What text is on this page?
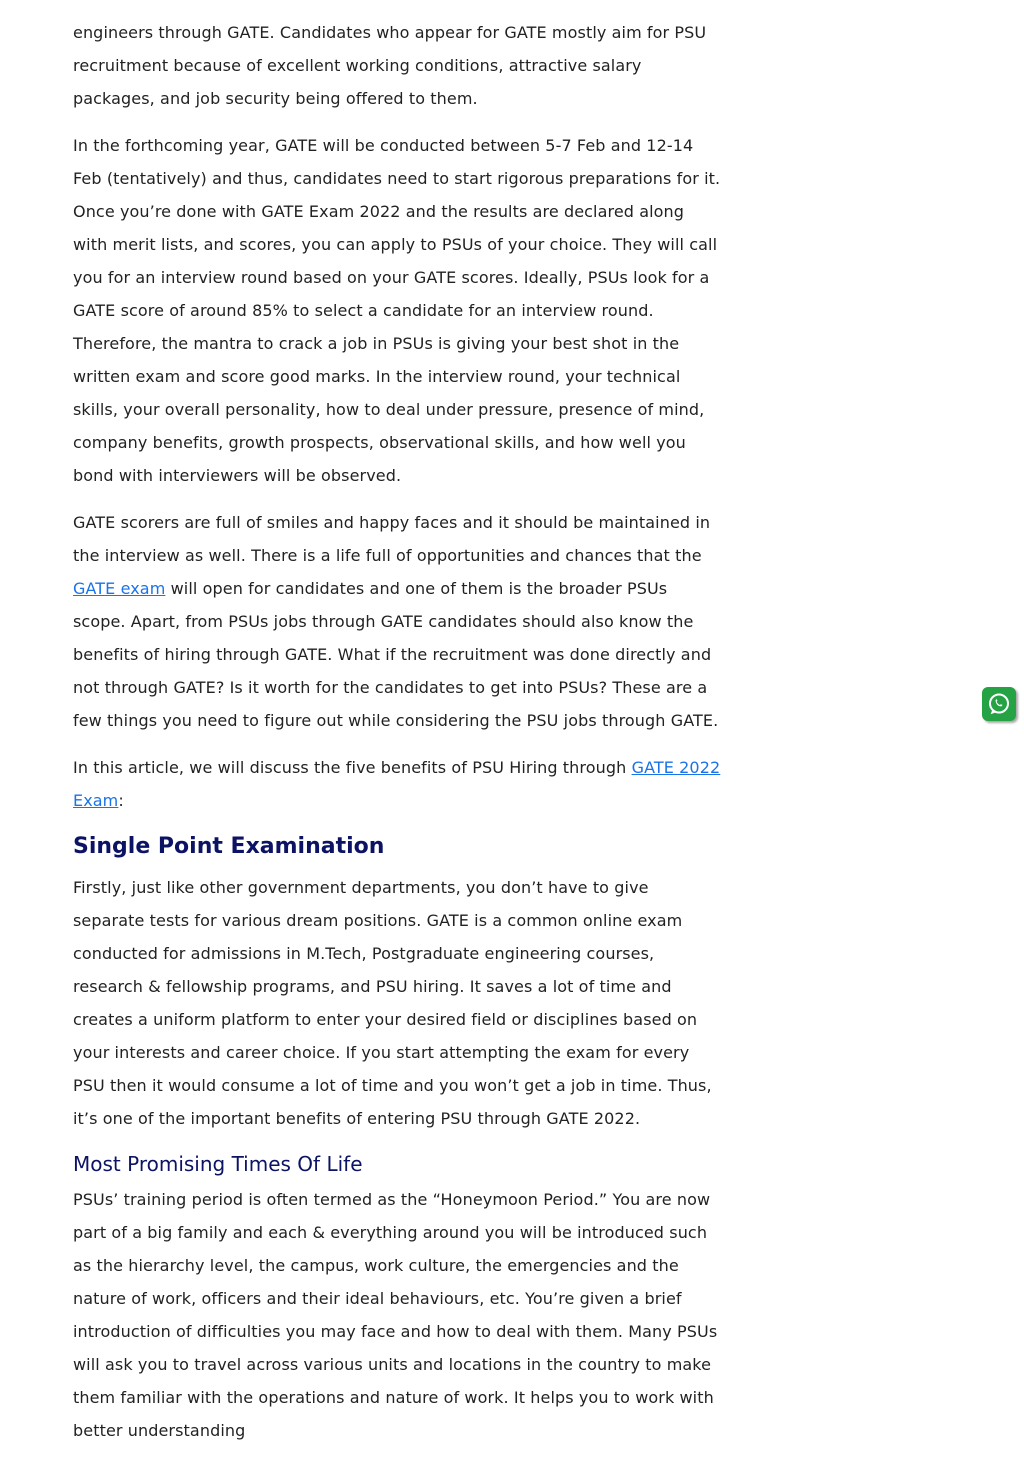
engineers through GATE. Candidates who appear for GATE mostly aim for PSU recruitment because of excellent working conditions, attractive salary packages, and job security being offered to them.

In the forthcoming year, GATE will be conducted between 5-7 Feb and 12-14 Feb (tentatively) and thus, candidates need to start rigorous preparations for it. Once you’re done with GATE Exam 2022 and the results are declared along with merit lists, and scores, you can apply to PSUs of your choice. They will call you for an interview round based on your GATE scores. Ideally, PSUs look for a GATE score of around 85% to select a candidate for an interview round. Therefore, the mantra to crack a job in PSUs is giving your best shot in the written exam and score good marks. In the interview round, your technical skills, your overall personality, how to deal under pressure, presence of mind, company benefits, growth prospects, observational skills, and how well you bond with interviewers will be observed.

GATE scorers are full of smiles and happy faces and it should be maintained in the interview as well. There is a life full of opportunities and chances that the GATE exam will open for candidates and one of them is the broader PSUs scope. Apart, from PSUs jobs through GATE candidates should also know the benefits of hiring through GATE. What if the recruitment was done directly and not through GATE? Is it worth for the candidates to get into PSUs? These are a few things you need to figure out while considering the PSU jobs through GATE.

In this article, we will discuss the five benefits of PSU Hiring through GATE 2022 Exam:

Single Point Examination

Firstly, just like other government departments, you don’t have to give separate tests for various dream positions. GATE is a common online exam conducted for admissions in M.Tech, Postgraduate engineering courses, research & fellowship programs, and PSU hiring. It saves a lot of time and creates a uniform platform to enter your desired field or disciplines based on your interests and career choice. If you start attempting the exam for every PSU then it would consume a lot of time and you won’t get a job in time. Thus, it’s one of the important benefits of entering PSU through GATE 2022.

Most Promising Times Of Life

PSUs’ training period is often termed as the “Honeymoon Period.” You are now part of a big family and each & everything around you will be introduced such as the hierarchy level, the campus, work culture, the emergencies and the nature of work, officers and their ideal behaviours, etc. You’re given a brief introduction of difficulties you may face and how to deal with them. Many PSUs will ask you to travel across various units and locations in the country to make them familiar with the operations and nature of work. It helps you to work with better understanding
